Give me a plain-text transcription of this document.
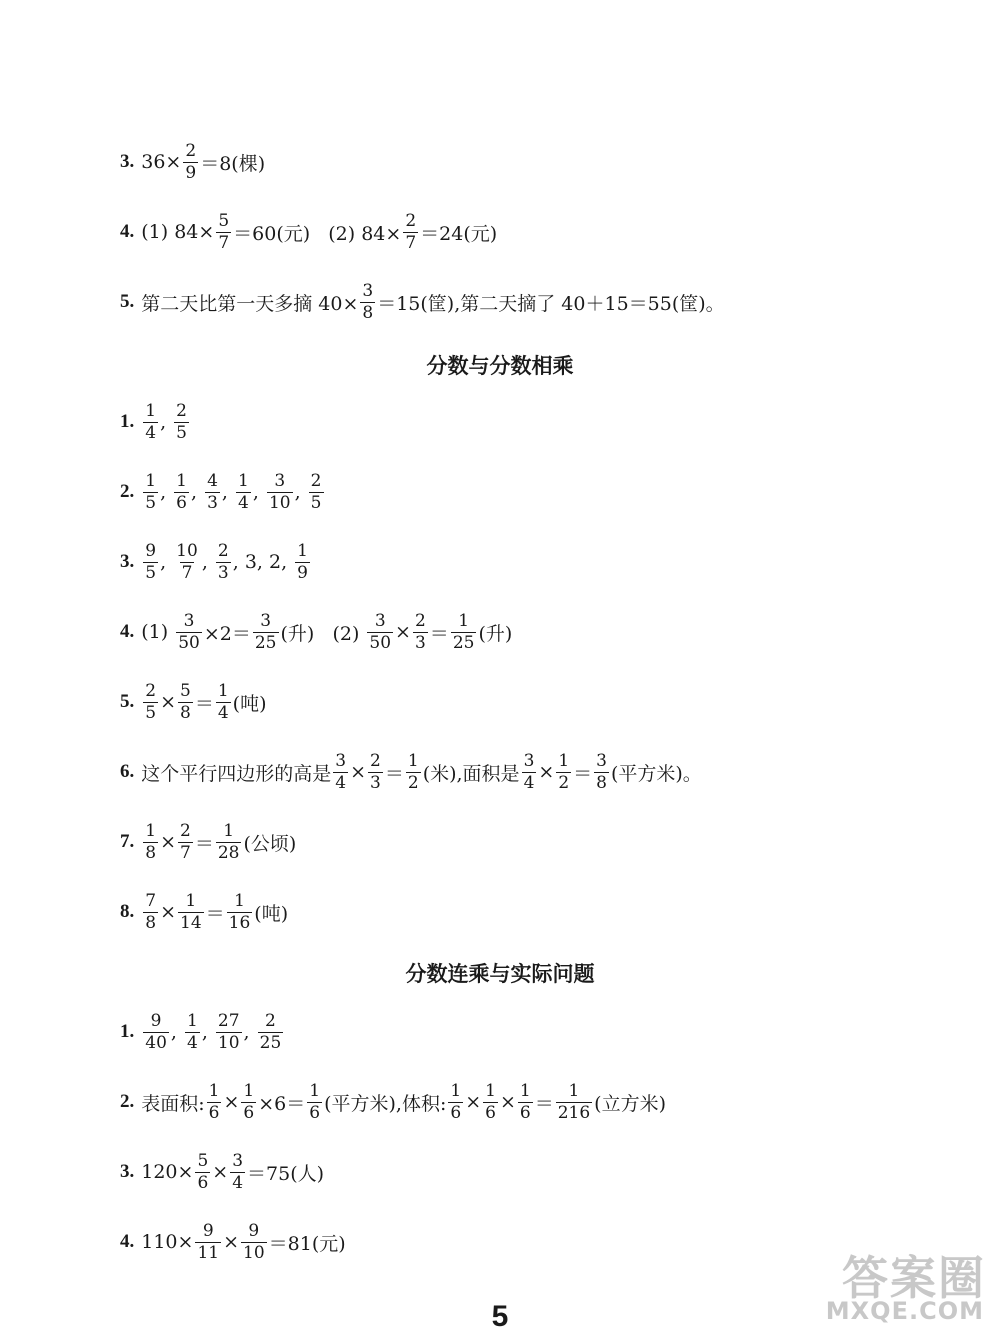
3. $36\times \frac{2}{9} =8$(棵)
4. (1) $84\times \frac{5}{7} =60$(元)   (2) $84\times \frac{2}{7} =24$(元)
5. 第二天比第一天多摘 $40\times \frac{3}{8} =15$(筐),第二天摘了 40＋15＝55(筐)。
分数与分数相乘
1. $\frac{1}{4}$ , $\frac{2}{5}$
2. $\frac{1}{5}$ , $\frac{1}{6}$ , $\frac{4}{3}$ , $\frac{1}{4}$ , $\frac{3}{10}$ , $\frac{2}{5}$
3. $\frac{9}{5}$ , $\frac{10}{7}$ , $\frac{2}{3}$ , 3, 2, $\frac{1}{9}$
4. $(1) \frac{3}{50} \times 2= \frac{3}{25}$ (升)   $(2) \frac{3}{50} \times \frac{2}{3} = \frac{1}{25}$ (升)
5. $\frac{2}{5} \times \frac{5}{8} = \frac{1}{4}$ (吨)
6. 这个平行四边形的高是 $\frac{3}{4} \times \frac{2}{3} = \frac{1}{2}$ (米),面积是 $\frac{3}{4} \times \frac{1}{2} = \frac{3}{8}$ (平方米)。
7. $\frac{1}{8} \times \frac{2}{7} = \frac{1}{28}$ (公顷)
8. $\frac{7}{8} \times \frac{1}{14} = \frac{1}{16}$ (吨)
分数连乘与实际问题
1. $\frac{9}{40}$ , $\frac{1}{4}$ , $\frac{27}{10}$ , $\frac{2}{25}$
2. 表面积: $\frac{1}{6} \times \frac{1}{6} \times 6= \frac{1}{6}$ (平方米),体积: $\frac{1}{6} \times \frac{1}{6} \times \frac{1}{6} = \frac{1}{216}$ (立方米)
3. $120\times \frac{5}{6} \times \frac{3}{4} =75$(人)
4. $110\times \frac{9}{11} \times \frac{9}{10} =81$(元)
5
答案圈
MXQE.COM
